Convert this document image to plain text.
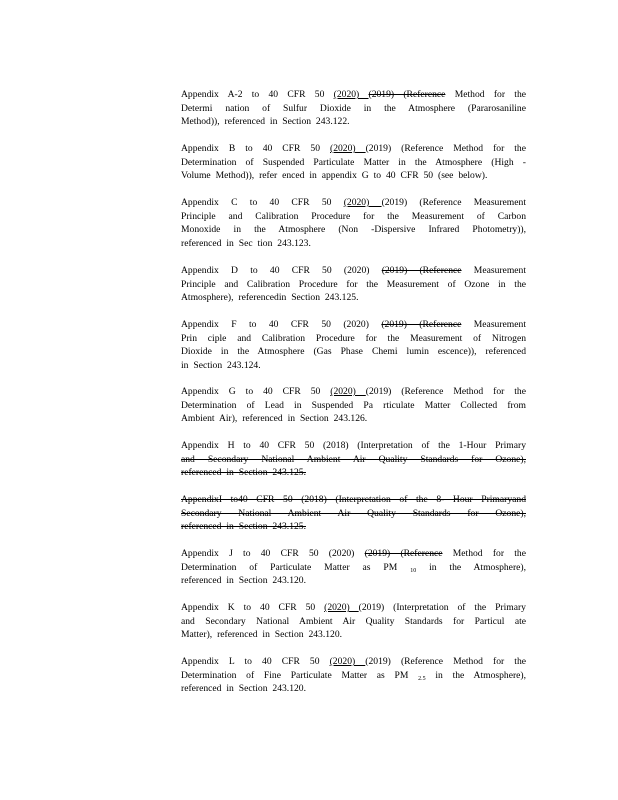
Appendix A-2 to 40 CFR 50 (2020) (2019) (Reference Method for the
Determi nation of Sulfur Dioxide in the Atmosphere (Pararosaniline
Method)), referenced in Section 243.122.

Appendix B to 40 CFR 50 (2020) (2019) (Reference Method for the
Determination of Suspended Particulate Matter in the Atmosphere (High -
Volume Method)), refer enced in appendix G to 40 CFR 50 (see below).

Appendix C to 40 CFR 50 (2020) (2019) (Reference Measurement
Principle and Calibration Procedure for the Measurement of Carbon
Monoxide in the Atmosphere (Non -Dispersive Infrared Photometry)),
referenced in Sec tion 243.123.

Appendix D to 40 CFR 50 (2020) (2019) (Reference Measurement
Principle and Calibration Procedure for the Measurement of Ozone in the
Atmosphere), referencedin Section 243.125.

Appendix F to 40 CFR 50 (2020) (2019) (Reference Measurement
Prin ciple and Calibration Procedure for the Measurement of Nitrogen
Dioxide in the Atmosphere (Gas Phase Chemi lumin escence)), referenced
in Section 243.124.

Appendix G to 40 CFR 50 (2020) (2019) (Reference Method for the
Determination of Lead in Suspended Pa rticulate Matter Collected from
Ambient Air), referenced in Section 243.126.

Appendix H to 40 CFR 50 (2018) (Interpretation of the 1-Hour Primary
and Secondary National Ambient Air Quality Standards for Ozone),
referenced in Section 243.125.

AppendixI to40 CFR 50 (2018) (Interpretation of the 8- Hour Primaryand
Secondary National Ambient Air Quality Standards for Ozone),
referenced in Section 243.125.

Appendix J to 40 CFR 50 (2020) (2019) (Reference Method for the
Determination of Particulate Matter as PM $_{10}$ in the Atmosphere),
referenced in Section 243.120.

Appendix K to 40 CFR 50 (2020) (2019) (Interpretation of the Primary
and Secondary National Ambient Air Quality Standards for Particul ate
Matter), referenced in Section 243.120.

Appendix L to 40 CFR 50 (2020) (2019) (Reference Method for the
Determination of Fine Particulate Matter as PM $_{2.5}$ in the Atmosphere),
referenced in Section 243.120.
